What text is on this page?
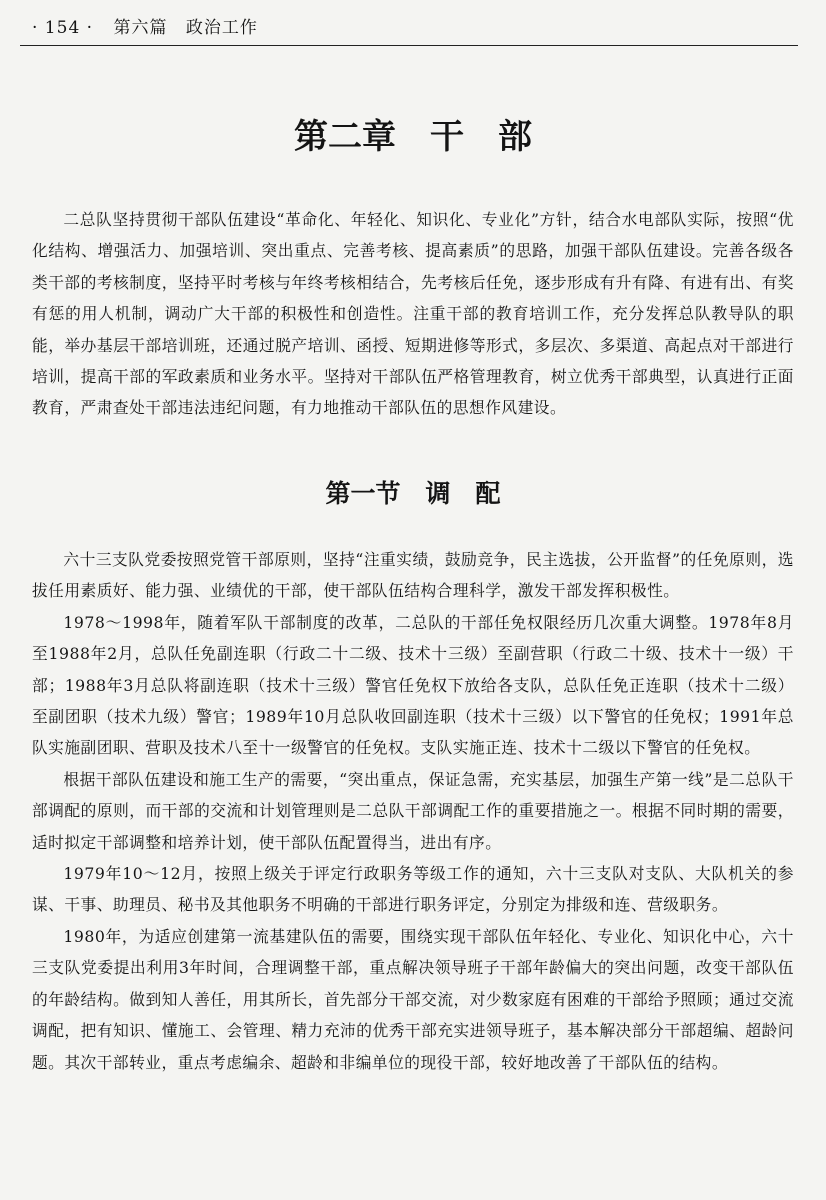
· 154 · 第六篇 政治工作
第二章　干　部

二总队坚持贯彻干部队伍建设“革命化、年轻化、知识化、专业化”方针，结合水电部队实际，按照“优化结构、增强活力、加强培训、突出重点、完善考核、提高素质”的思路，加强干部队伍建设。完善各级各类干部的考核制度，坚持平时考核与年终考核相结合，先考核后任免，逐步形成有升有降、有进有出、有奖有惩的用人机制，调动广大干部的积极性和创造性。注重干部的教育培训工作，充分发挥总队教导队的职能，举办基层干部培训班，还通过脱产培训、函授、短期进修等形式，多层次、多渠道、高起点对干部进行培训，提高干部的军政素质和业务水平。坚持对干部队伍严格管理教育，树立优秀干部典型，认真进行正面教育，严肃查处干部违法违纪问题，有力地推动干部队伍的思想作风建设。

第一节　调　配

六十三支队党委按照党管干部原则，坚持“注重实绩，鼓励竞争，民主选拔，公开监督”的任免原则，选拔任用素质好、能力强、业绩优的干部，使干部队伍结构合理科学，激发干部发挥积极性。

1978～1998年，随着军队干部制度的改革，二总队的干部任免权限经历几次重大调整。1978年8月至1988年2月，总队任免副连职（行政二十二级、技术十三级）至副营职（行政二十级、技术十一级）干部；1988年3月总队将副连职（技术十三级）警官任免权下放给各支队，总队任免正连职（技术十二级）至副团职（技术九级）警官；1989年10月总队收回副连职（技术十三级）以下警官的任免权；1991年总队实施副团职、营职及技术八至十一级警官的任免权。支队实施正连、技术十二级以下警官的任免权。

根据干部队伍建设和施工生产的需要，“突出重点，保证急需，充实基层，加强生产第一线”是二总队干部调配的原则，而干部的交流和计划管理则是二总队干部调配工作的重要措施之一。根据不同时期的需要，适时拟定干部调整和培养计划，使干部队伍配置得当，进出有序。

1979年10～12月，按照上级关于评定行政职务等级工作的通知，六十三支队对支队、大队机关的参谋、干事、助理员、秘书及其他职务不明确的干部进行职务评定，分别定为排级和连、营级职务。

1980年，为适应创建第一流基建队伍的需要，围绕实现干部队伍年轻化、专业化、知识化中心，六十三支队党委提出利用3年时间，合理调整干部，重点解决领导班子干部年龄偏大的突出问题，改变干部队伍的年龄结构。做到知人善任，用其所长，首先部分干部交流，对少数家庭有困难的干部给予照顾；通过交流调配，把有知识、懂施工、会管理、精力充沛的优秀干部充实进领导班子，基本解决部分干部超编、超龄问题。其次干部转业，重点考虑编余、超龄和非编单位的现役干部，较好地改善了干部队伍的结构。
